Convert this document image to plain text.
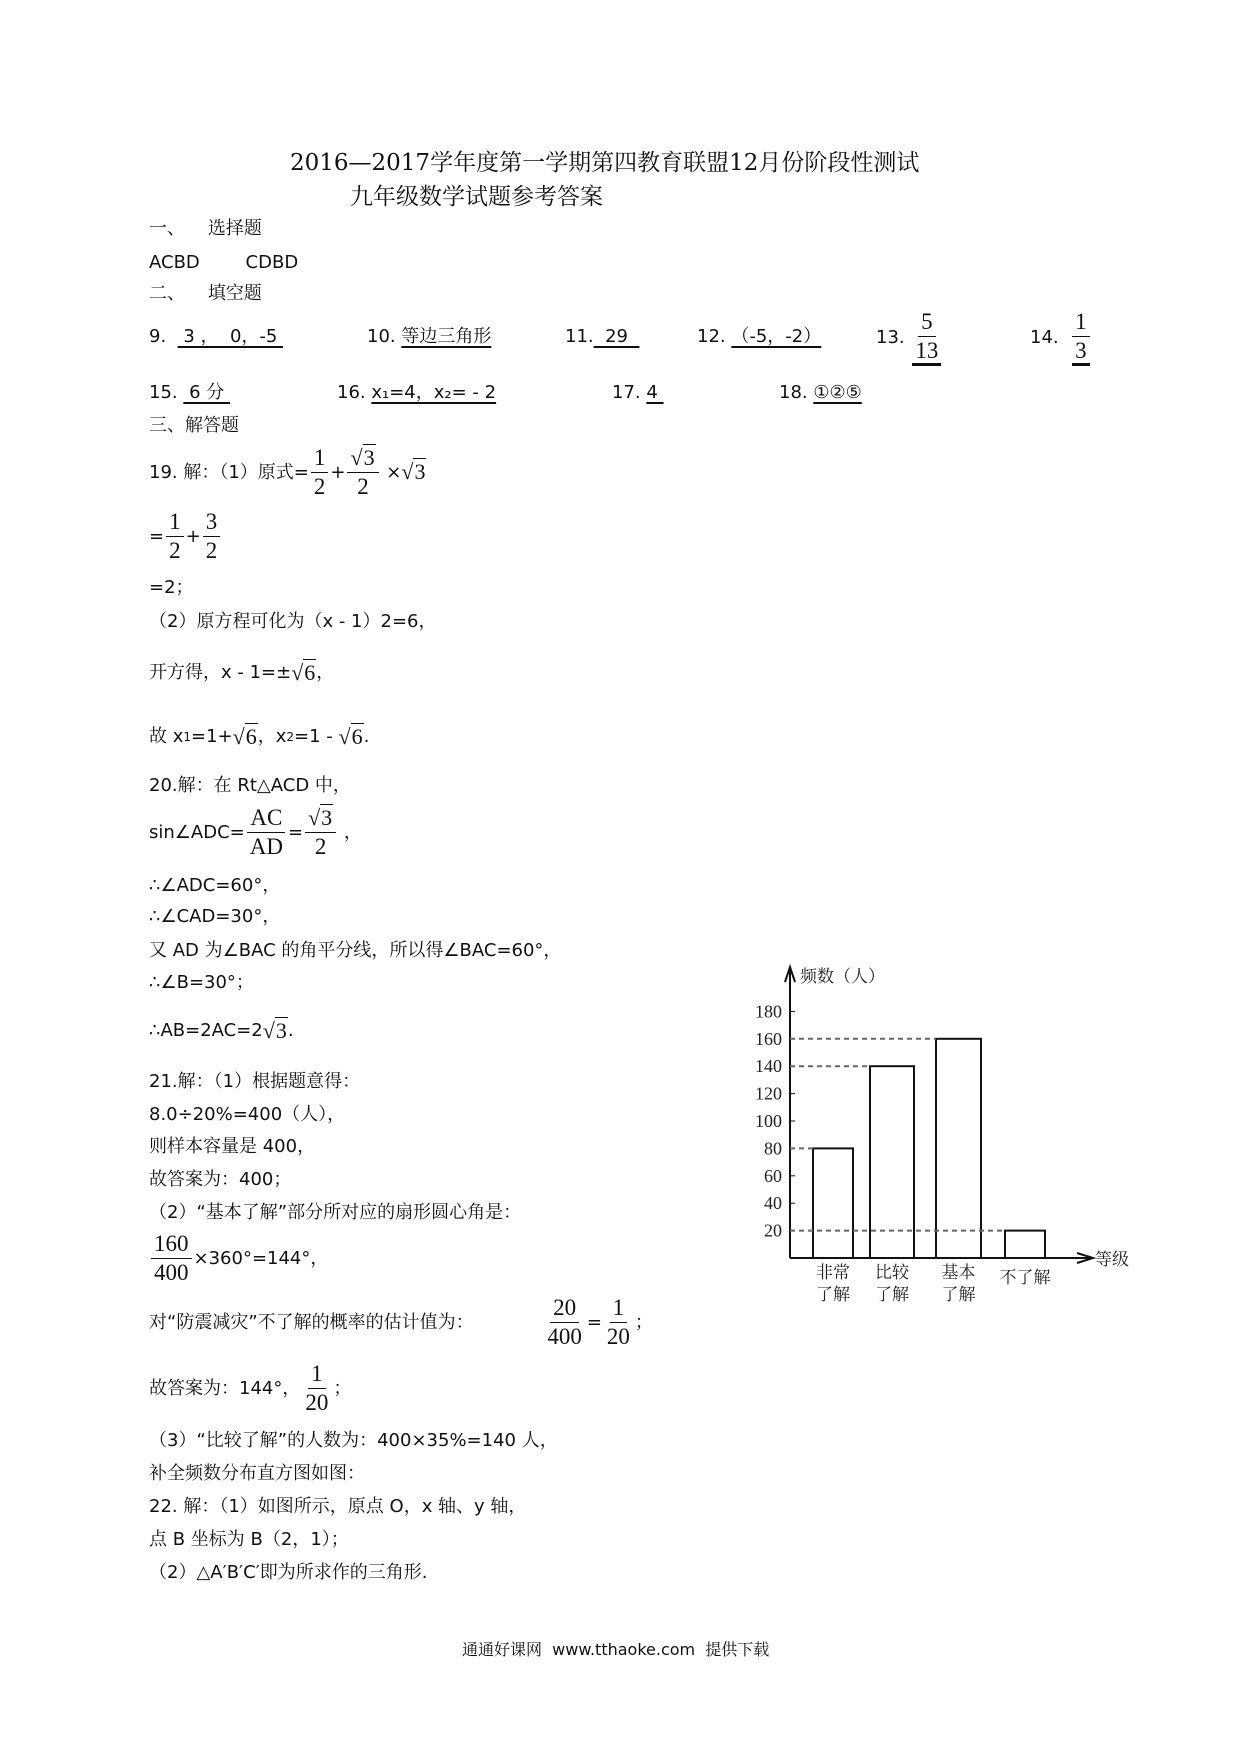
2016—2017学年度第一学期第四教育联盟12月份阶段性测试
九年级数学试题参考答案
一、    选择题
ACBD        CDBD
二、    填空题
9. 3 ，  0，-5	10. 等边三角形	11. 29	12. （-5，-2）	13. $\frac{5}{13}$	14. $\frac{1}{3}$
15. 6 分	16. x₁=4，x₂= - 2	17. 4	18. ①②⑤
三、解答题
19. 解：（1）原式= $\frac{1}{2} + \frac{√3}{2} \times √3$
= $\frac{1}{2} + \frac{3}{2}$
=2；
（2）原方程可化为（x - 1）2=6，
开方得，x - 1=± √6 ，
故 x 1 =1+ √6 ，x 2 =1 - √6 .
20.解：在 Rt△ACD 中，
sin∠ADC= $\frac{AC}{AD} = \frac{√3}{2}$ ，
∴∠ADC=60°，
∴∠CAD=30°，
又 AD 为∠BAC 的角平分线，所以得∠BAC=60°，
∴∠B=30°；
∴AB=2AC=2 √3 .
21.解：（1）根据题意得：
8.0÷20%=400（人），
则样本容量是 400，
故答案为：400；
（2）“基本了解”部分所对应的扇形圆心角是：
$\frac{160}{400} \times 360^\circ=144^\circ$，
对“防震减灾”不了解的概率的估计值为： $\frac{20}{400} = \frac{1}{20}$ ；
故答案为：144°， $\frac{1}{20}$ ；
（3）“比较了解”的人数为：400×35%=140 人，
补全频数分布直方图如图：
22. 解：（1）如图所示，原点 O，x 轴、y 轴，
点 B 坐标为 B（2，1）；
（2）△A′B′C′即为所求作的三角形.
通通好课网  www.tthaoke.com  提供下载
频数（人）
等级
20
40
60
80
100
120
140
160
180
非常
了解
比较
了解
基本
了解
不了解
